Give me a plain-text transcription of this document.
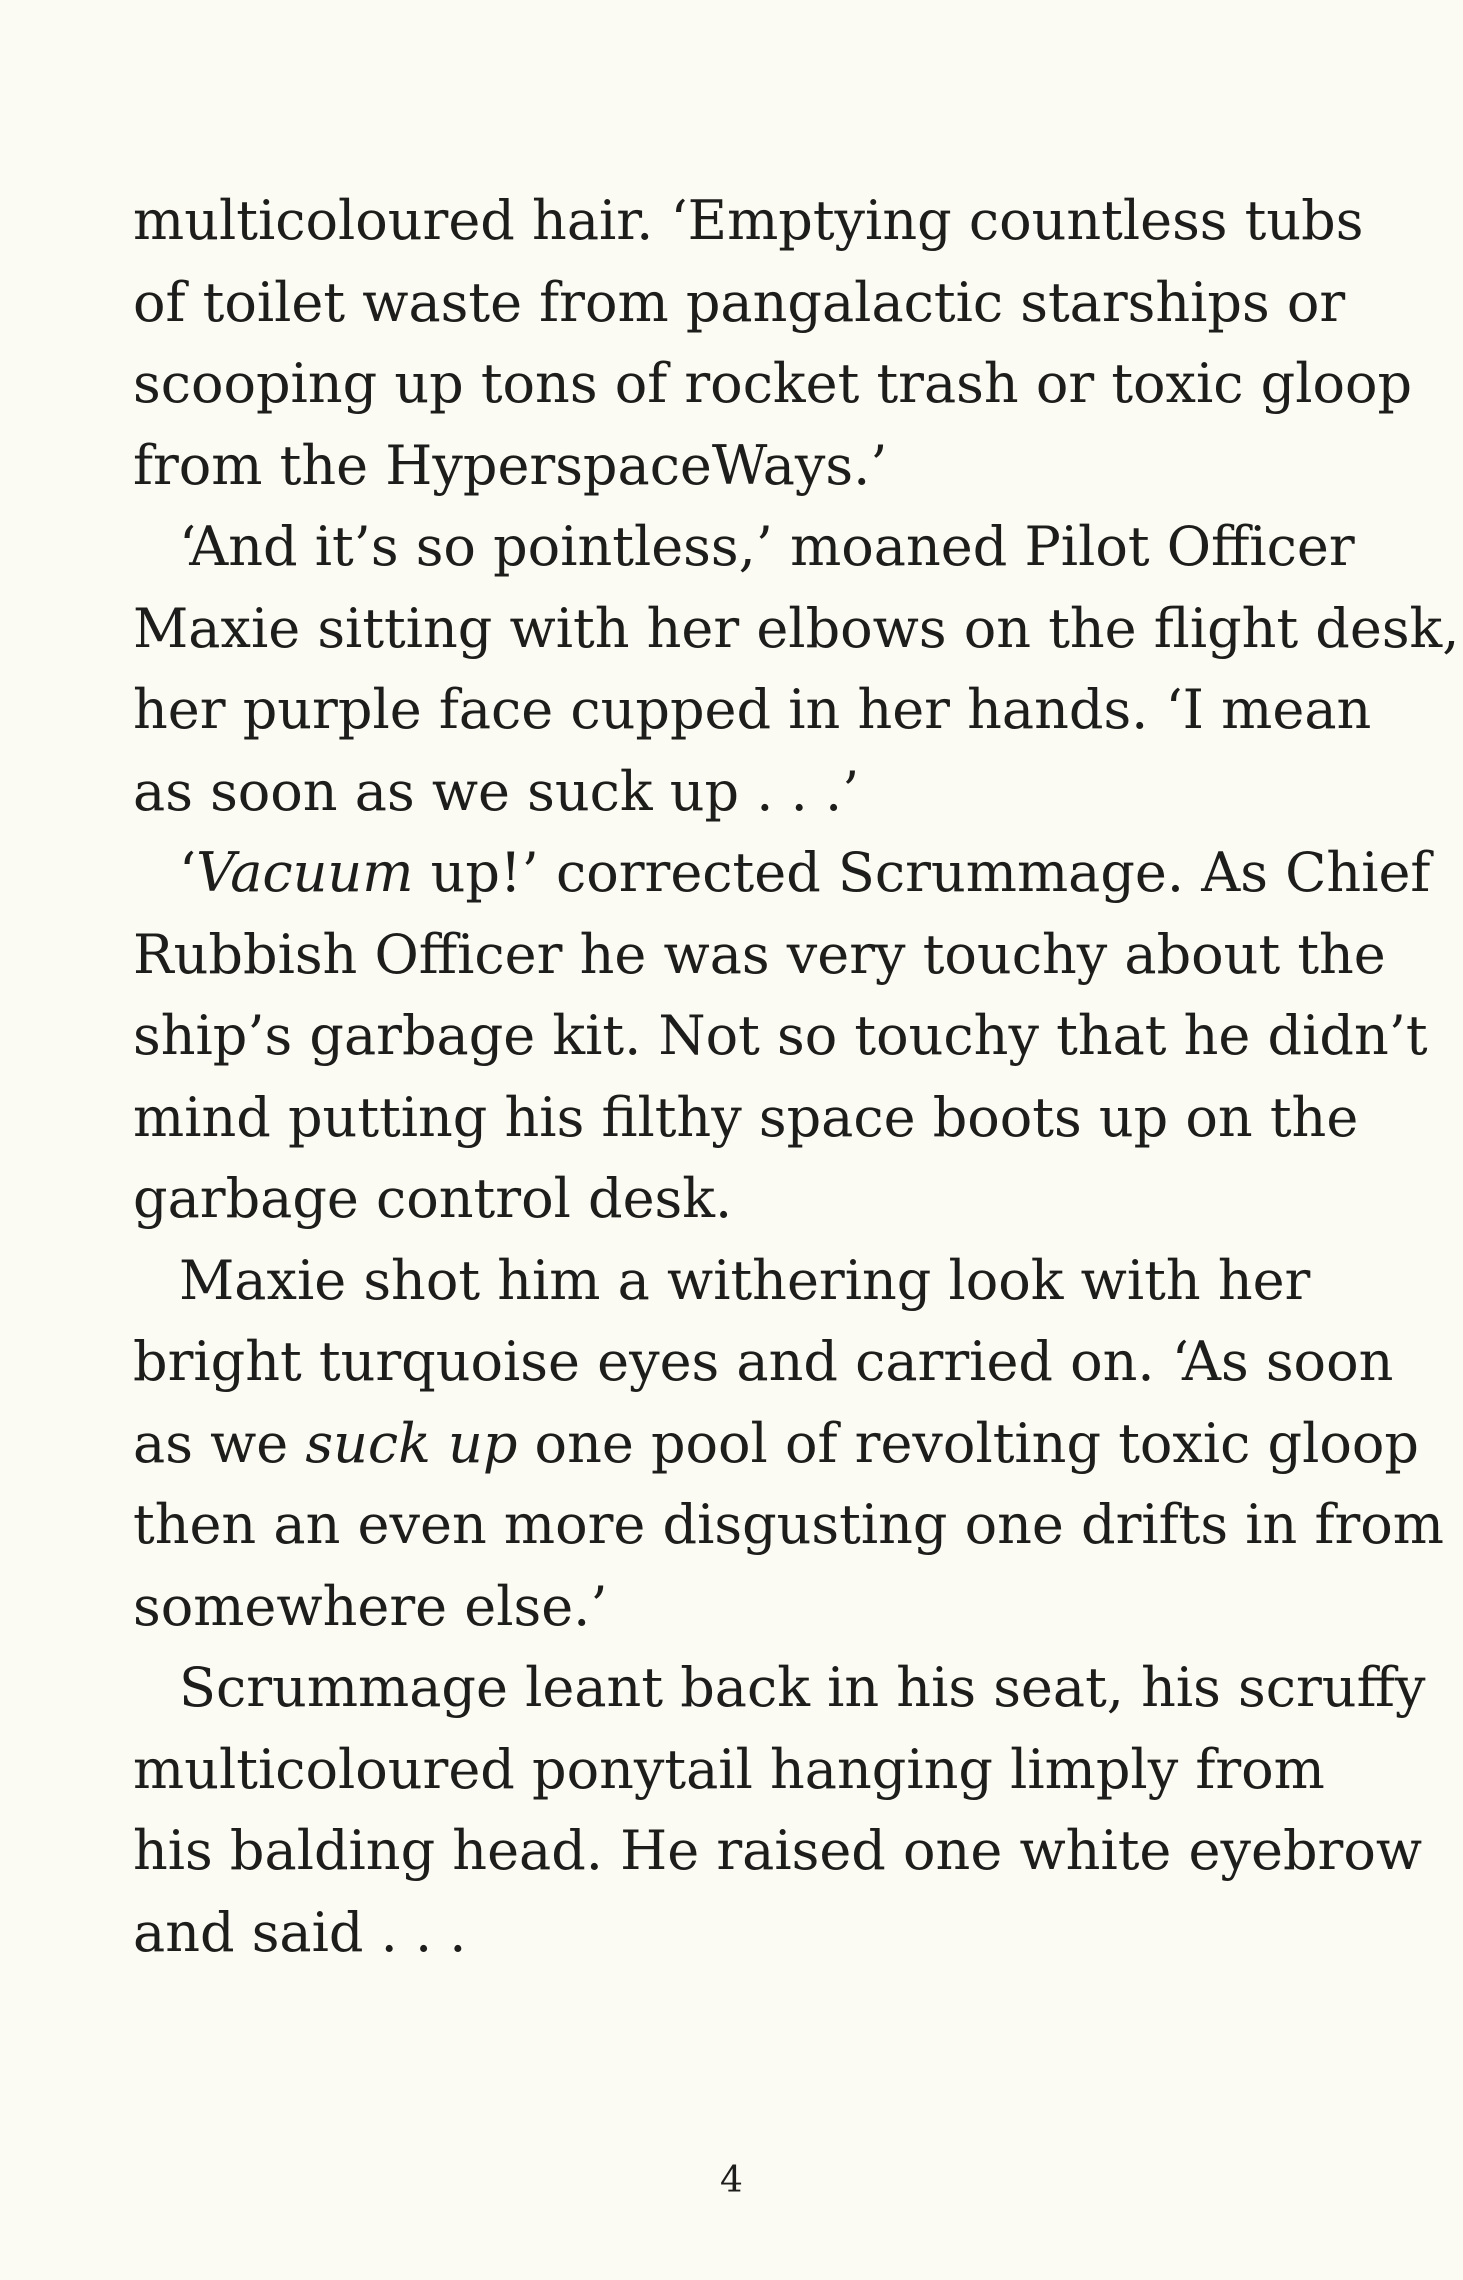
multicoloured hair. ‘Emptying countless tubs
of toilet waste from pangalactic starships or
scooping up tons of rocket trash or toxic gloop
from the HyperspaceWays.’
‘And it’s so pointless,’ moaned Pilot Officer
Maxie sitting with her elbows on the flight desk,
her purple face cupped in her hands. ‘I mean
as soon as we suck up . . .’
‘Vacuum up!’ corrected Scrummage. As Chief
Rubbish Officer he was very touchy about the
ship’s garbage kit. Not so touchy that he didn’t
mind putting his filthy space boots up on the
garbage control desk.
Maxie shot him a withering look with her
bright turquoise eyes and carried on. ‘As soon
as we suck up one pool of revolting toxic gloop
then an even more disgusting one drifts in from
somewhere else.’
Scrummage leant back in his seat, his scruffy
multicoloured ponytail hanging limply from
his balding head. He raised one white eyebrow
and said . . .
4
